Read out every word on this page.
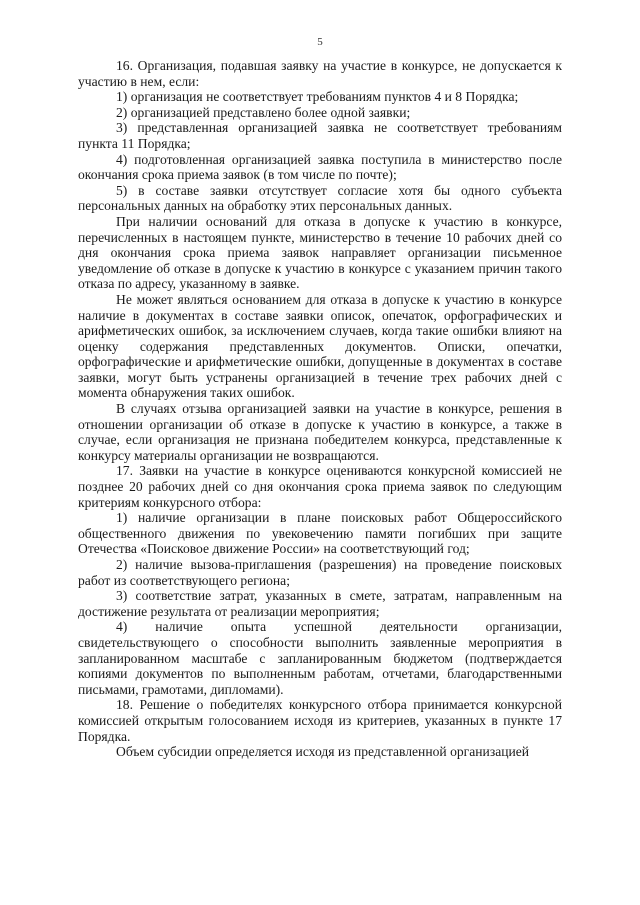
5

16. Организация, подавшая заявку на участие в конкурсе, не допускается к участию в нем, если:

1) организация не соответствует требованиям пунктов 4 и 8 Порядка;

2) организацией представлено более одной заявки;

3) представленная организацией заявка не соответствует требованиям пункта 11 Порядка;

4) подготовленная организацией заявка поступила в министерство после окончания срока приема заявок (в том числе по почте);

5) в составе заявки отсутствует согласие хотя бы одного субъекта персональных данных на обработку этих персональных данных.

При наличии оснований для отказа в допуске к участию в конкурсе, перечисленных в настоящем пункте, министерство в течение 10 рабочих дней со дня окончания срока приема заявок направляет организации письменное уведомление об отказе в допуске к участию в конкурсе с указанием причин такого отказа по адресу, указанному в заявке.

Не может являться основанием для отказа в допуске к участию в конкурсе наличие в документах в составе заявки описок, опечаток, орфографических и арифметических ошибок, за исключением случаев, когда такие ошибки влияют на оценку содержания представленных документов. Описки, опечатки, орфографические и арифметические ошибки, допущенные в документах в составе заявки, могут быть устранены организацией в течение трех рабочих дней с момента обнаружения таких ошибок.

В случаях отзыва организацией заявки на участие в конкурсе, решения в отношении организации об отказе в допуске к участию в конкурсе, а также в случае, если организация не признана победителем конкурса, представленные к конкурсу материалы организации не возвращаются.

17. Заявки на участие в конкурсе оцениваются конкурсной комиссией не позднее 20 рабочих дней со дня окончания срока приема заявок по следующим критериям конкурсного отбора:

1) наличие организации в плане поисковых работ Общероссийского общественного движения по увековечению памяти погибших при защите Отечества «Поисковое движение России» на соответствующий год;

2) наличие вызова-приглашения (разрешения) на проведение поисковых работ из соответствующего региона;

3) соответствие затрат, указанных в смете, затратам, направленным на достижение результата от реализации мероприятия;

4) наличие опыта успешной деятельности организации, свидетельствующего о способности выполнить заявленные мероприятия в запланированном масштабе с запланированным бюджетом (подтверждается копиями документов по выполненным работам, отчетами, благодарственными письмами, грамотами, дипломами).

18. Решение о победителях конкурсного отбора принимается конкурсной комиссией открытым голосованием исходя из критериев, указанных в пункте 17 Порядка.

Объем субсидии определяется исходя из представленной организацией
